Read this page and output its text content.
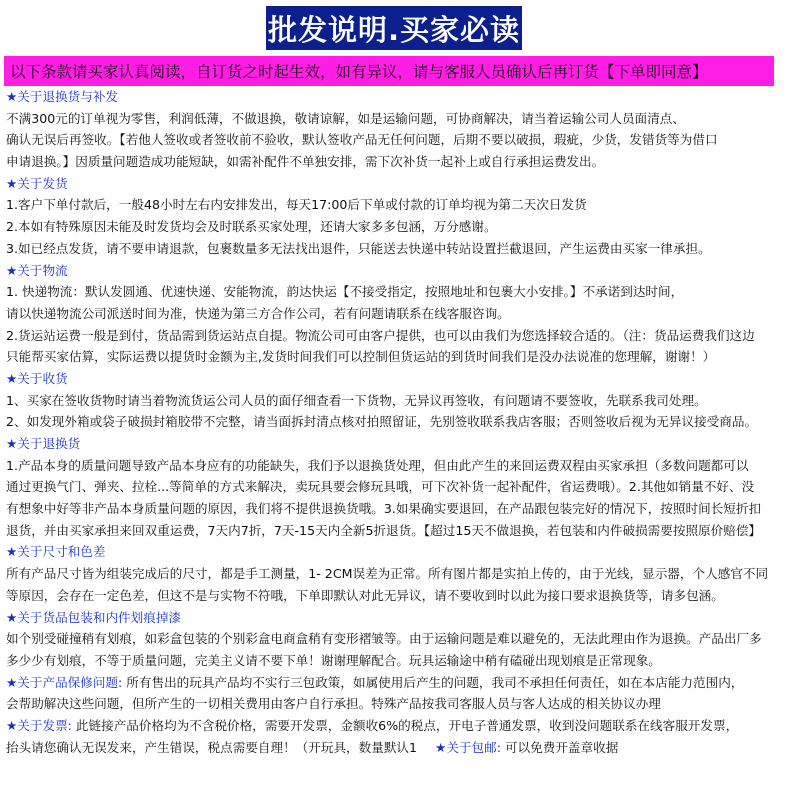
批发说明.买家必读
以下条款请买家认真阅读，自订货之时起生效，如有异议，请与客服人员确认后再订货【下单即同意】
★关于退换货与补发
不满300元的订单视为零售，利润低薄，不做退换，敬请谅解，如是运输问题，可协商解决，请当着运输公司人员面清点、
确认无误后再签收。【若他人签收或者签收前不验收，默认签收产品无任何问题，后期不要以破损，瑕疵，少货，发错货等为借口
申请退换。】因质量问题造成功能短缺，如需补配件不单独安排，需下次补货一起补上或自行承担运费发出。
★关于发货
1.客户下单付款后，一般48小时左右内安排发出，每天17:00后下单或付款的订单均视为第二天次日发货
2.本如有特殊原因未能及时发货均会及时联系买家处理，还请大家多多包涵，万分感谢。
3.如已经点发货，请不要申请退款，包裹数量多无法找出退件，只能送去快递中转站设置拦截退回，产生运费由买家一律承担。
★关于物流
1. 快递物流：默认发圆通、优速快递、安能物流，韵达快运【不接受指定，按照地址和包裹大小安排。】不承诺到达时间，
请以快递物流公司派送时间为准，快递为第三方合作公司，若有问题请联系在线客服咨询。
2.货运站运费一般是到付，货品需到货运站点自提。物流公司可由客户提供，也可以由我们为您选择较合适的。（注：货品运费我们这边
只能帮买家估算，实际运费以提货时金额为主,发货时间我们可以控制但货运站的到货时间我们是没办法说准的您理解，谢谢！）
★关于收货
1、买家在签收货物时请当着物流货运公司人员的面仔细查看一下货物，无异议再签收，有问题请不要签收，先联系我司处理。
2、如发现外箱或袋子破损封箱胶带不完整，请当面拆封清点核对拍照留证，先别签收联系我店客服；否则签收后视为无异议接受商品。
★关于退换货
1.产品本身的质量问题导致产品本身应有的功能缺失，我们予以退换货处理，但由此产生的来回运费双程由买家承担（多数问题都可以
通过更换气门、弹夹、拉栓...等简单的方式来解决，卖玩具要会修玩具哦，可下次补货一起补配件，省运费哦）。2.其他如销量不好、没
有想象中好等非产品本身质量问题的原因，我们将不提供退换货哦。3.如果确实要退回，在产品跟包装完好的情况下，按照时间长短折扣
退货，并由买家承担来回双重运费，7天内7折，7天-15天内全新5折退货。【超过15天不做退换，若包装和内件破损需要按照原价赔偿】
★关于尺寸和色差
所有产品尺寸皆为组装完成后的尺寸，都是手工测量，1- 2CM误差为正常。所有图片都是实拍上传的，由于光线，显示器，个人感官不同
等原因，会存在一定色差，但这不是与实物不符哦，下单即默认对此无异议，请不要收到时以此为接口要求退换货等，请多包涵。
★关于货品包装和内件划痕掉漆
如个别受碰撞稍有划痕，如彩盒包装的个别彩盒电商盒稍有变形褶皱等。由于运输问题是难以避免的，无法此理由作为退换。产品出厂多
多少少有划痕，不等于质量问题，完美主义请不要下单！谢谢理解配合。玩具运输途中稍有磕碰出现划痕是正常现象。
★关于产品保修问题: 所有售出的玩具产品均不实行三包政策，如属使用后产生的问题，我司不承担任何责任，如在本店能力范围内，
会帮助解决这些问题，但所产生的一切相关费用由客户自行承担。特殊产品按我司客服人员与客人达成的相关协议办理
★关于发票: 此链接产品价格均为不含税价格，需要开发票，金额收6%的税点，开电子普通发票，收到没问题联系在线客服开发票，
抬头请您确认无误发来，产生错误，税点需要自理！（开玩具，数量默认1 ★关于包邮: 可以免费开盖章收据
